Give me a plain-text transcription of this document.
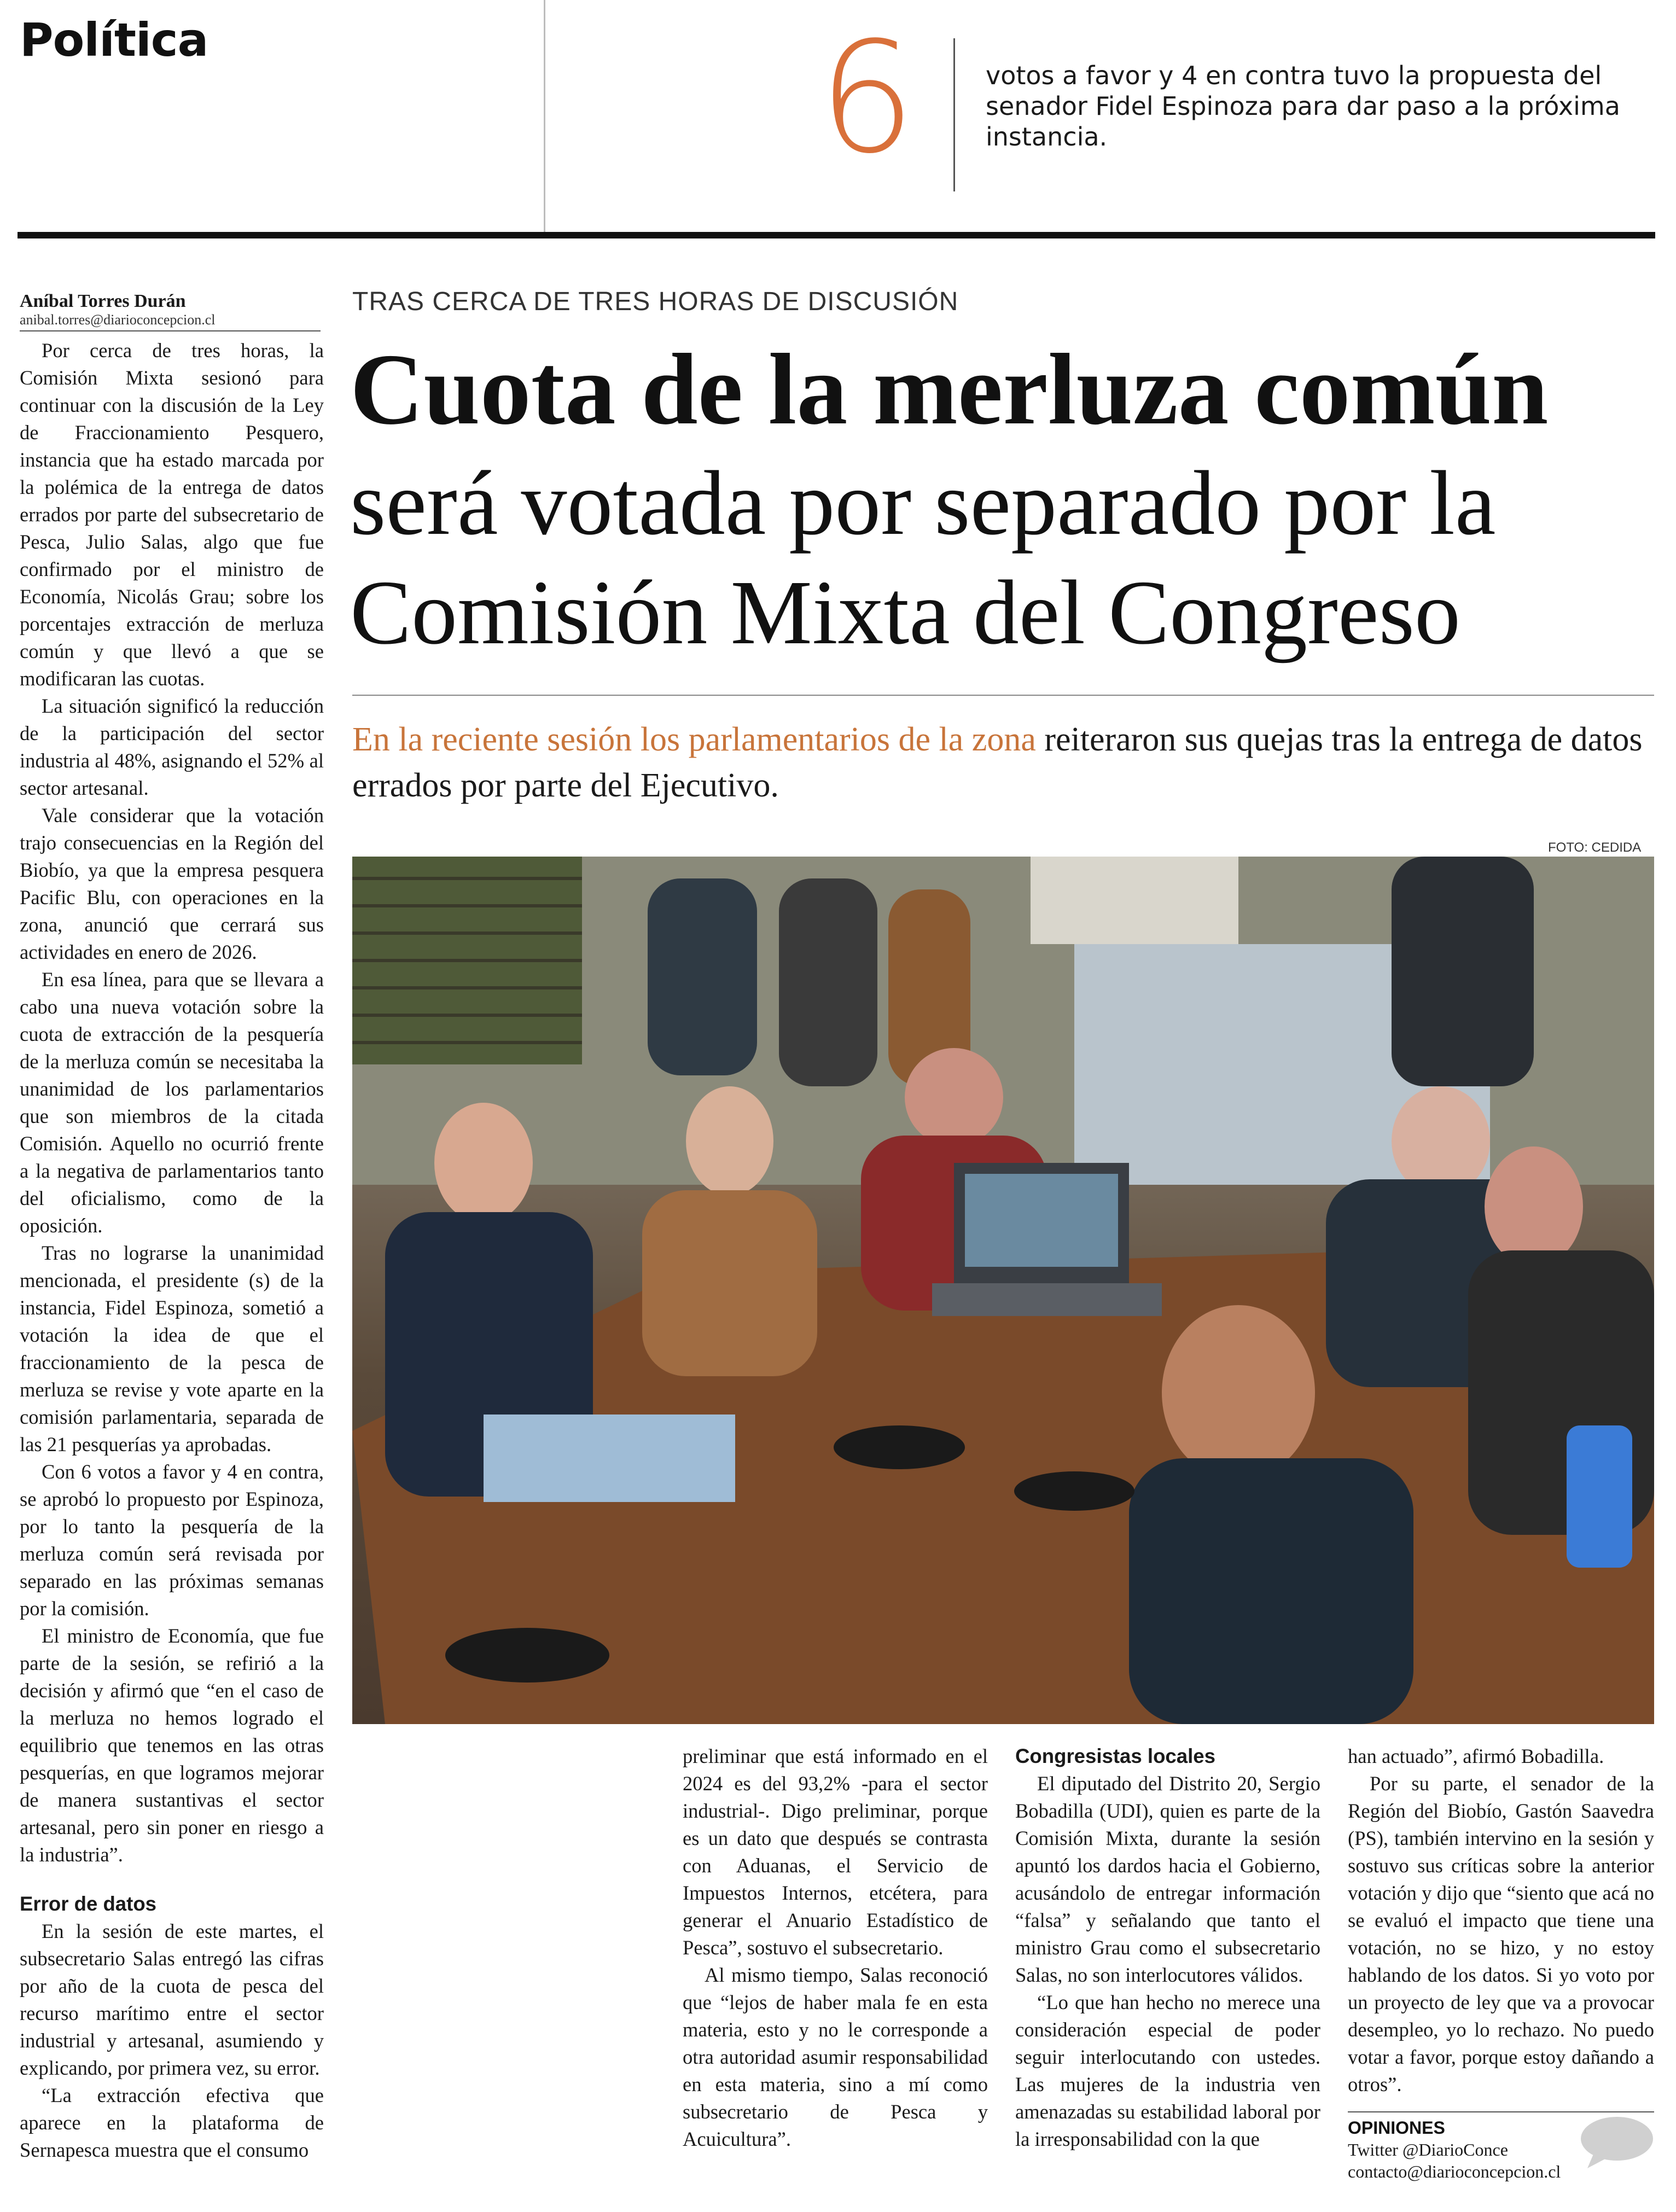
Política	6	votos a favor y 4 en contra tuvo la propuesta del senador Fidel Espinoza para dar paso a la próxima instancia.
Aníbal Torres Durán
anibal.torres@diarioconcepcion.cl
TRAS CERCA DE TRES HORAS DE DISCUSIÓN
Cuota de la merluza común
será votada por separado por la
Comisión Mixta del Congreso
En la reciente sesión los parlamentarios de la zona reiteraron sus quejas tras la entrega de datos errados por parte del Ejecutivo.
FOTO: CEDIDA

Por cerca de tres horas, la Comisión Mixta sesionó para continuar con la discusión de la Ley de Fraccionamiento Pesquero, instancia que ha estado marcada por la polémica de la entrega de datos errados por parte del subsecretario de Pesca, Julio Salas, algo que fue confirmado por el ministro de Economía, Nicolás Grau; sobre los porcentajes extracción de merluza común y que llevó a que se modificaran las cuotas.

La situación significó la reducción de la participación del sector industria al 48%, asignando el 52% al sector artesanal.

Vale considerar que la votación trajo consecuencias en la Región del Biobío, ya que la empresa pesquera Pacific Blu, con operaciones en la zona, anunció que cerrará sus actividades en enero de 2026.

En esa línea, para que se llevara a cabo una nueva votación sobre la cuota de extracción de la pesquería de la merluza común se necesitaba la unanimidad de los parlamentarios que son miembros de la citada Comisión. Aquello no ocurrió frente a la negativa de parlamentarios tanto del oficialismo, como de la oposición.

Tras no lograrse la unanimidad mencionada, el presidente (s) de la instancia, Fidel Espinoza, sometió a votación la idea de que el fraccionamiento de la pesca de merluza se revise y vote aparte en la comisión parlamentaria, separada de las 21 pesquerías ya aprobadas.

Con 6 votos a favor y 4 en contra, se aprobó lo propuesto por Espinoza, por lo tanto la pesquería de la merluza común será revisada por separado en las próximas semanas por la comisión.

El ministro de Economía, que fue parte de la sesión, se refirió a la decisión y afirmó que “en el caso de la merluza no hemos logrado el equilibrio que tenemos en las otras pesquerías, en que logramos mejorar de manera sustantivas el sector artesanal, pero sin poner en riesgo a la industria”.

Error de datos

En la sesión de este martes, el subsecretario Salas entregó las cifras por año de la cuota de pesca del recurso marítimo entre el sector industrial y artesanal, asumiendo y explicando, por primera vez, su error.

“La extracción efectiva que aparece en la plataforma de Sernapesca muestra que el consumo

preliminar que está informado en el 2024 es del 93,2% -para el sector industrial-. Digo preliminar, porque es un dato que después se contrasta con Aduanas, el Servicio de Impuestos Internos, etcétera, para generar el Anuario Estadístico de Pesca”, sostuvo el subsecretario.

Al mismo tiempo, Salas reconoció que “lejos de haber mala fe en esta materia, esto y no le corresponde a otra autoridad asumir responsabilidad en esta materia, sino a mí como subsecretario de Pesca y Acuicultura”.

Congresistas locales

El diputado del Distrito 20, Sergio Bobadilla (UDI), quien es parte de la Comisión Mixta, durante la sesión apuntó los dardos hacia el Gobierno, acusándolo de entregar información “falsa” y señalando que tanto el ministro Grau como el subsecretario Salas, no son interlocutores válidos.

“Lo que han hecho no merece una consideración especial de poder seguir interlocutando con ustedes. Las mujeres de la industria ven amenazadas su estabilidad laboral por la irresponsabilidad con la que

han actuado”, afirmó Bobadilla.

Por su parte, el senador de la Región del Biobío, Gastón Saavedra (PS), también intervino en la sesión y sostuvo sus críticas sobre la anterior votación y dijo que “siento que acá no se evaluó el impacto que tiene una votación, no se hizo, y no estoy hablando de los datos. Si yo voto por un proyecto de ley que va a provocar desempleo, yo lo rechazo. No puedo votar a favor, porque estoy dañando a otros”.

OPINIONES
Twitter @DiarioConce
contacto@diarioconcepcion.cl
